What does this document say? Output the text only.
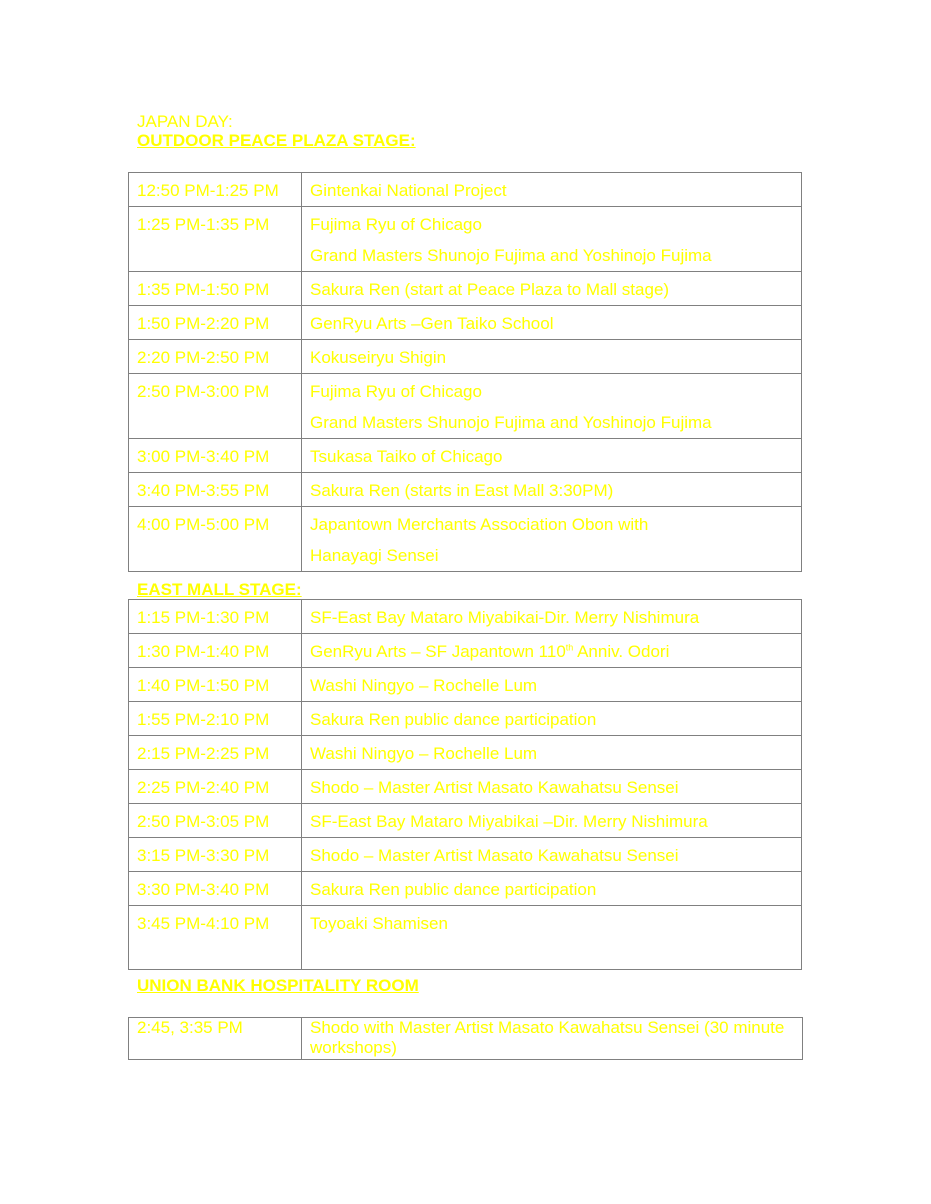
JAPAN DAY:

OUTDOOR PEACE PLAZA STAGE:

12:50 PM-1:25 PM	Gintenkai National Project

1:25 PM-1:35 PM	Fujima Ryu of Chicago
Grand Masters Shunojo Fujima and Yoshinojo Fujima

1:35 PM-1:50 PM	Sakura Ren (start at Peace Plaza to Mall stage)

1:50 PM-2:20 PM	GenRyu Arts –Gen Taiko School

2:20 PM-2:50 PM	Kokuseiryu Shigin

2:50 PM-3:00 PM	Fujima Ryu of Chicago
Grand Masters Shunojo Fujima and Yoshinojo Fujima

3:00 PM-3:40 PM	Tsukasa Taiko of Chicago

3:40 PM-3:55 PM	Sakura Ren (starts in East Mall 3:30PM)

4:00 PM-5:00 PM	Japantown Merchants Association Obon with
Hanayagi Sensei

EAST MALL STAGE:

1:15 PM-1:30 PM	SF-East Bay Mataro Miyabikai-Dir. Merry Nishimura
1:30 PM-1:40 PM	GenRyu Arts – SF Japantown 110th Anniv. Odori
1:40 PM-1:50 PM	Washi Ningyo – Rochelle Lum
1:55 PM-2:10 PM	Sakura Ren public dance participation
2:15 PM-2:25 PM	Washi Ningyo – Rochelle Lum
2:25 PM-2:40 PM	Shodo – Master Artist Masato Kawahatsu Sensei
2:50 PM-3:05 PM	SF-East Bay Mataro Miyabikai –Dir. Merry Nishimura
3:15 PM-3:30 PM	Shodo – Master Artist Masato Kawahatsu Sensei
3:30 PM-3:40 PM	Sakura Ren public dance participation
3:45 PM-4:10 PM	Toyoaki Shamisen

UNION BANK HOSPITALITY ROOM

2:45, 3:35 PM	Shodo with Master Artist Masato Kawahatsu Sensei (30 minute workshops)
